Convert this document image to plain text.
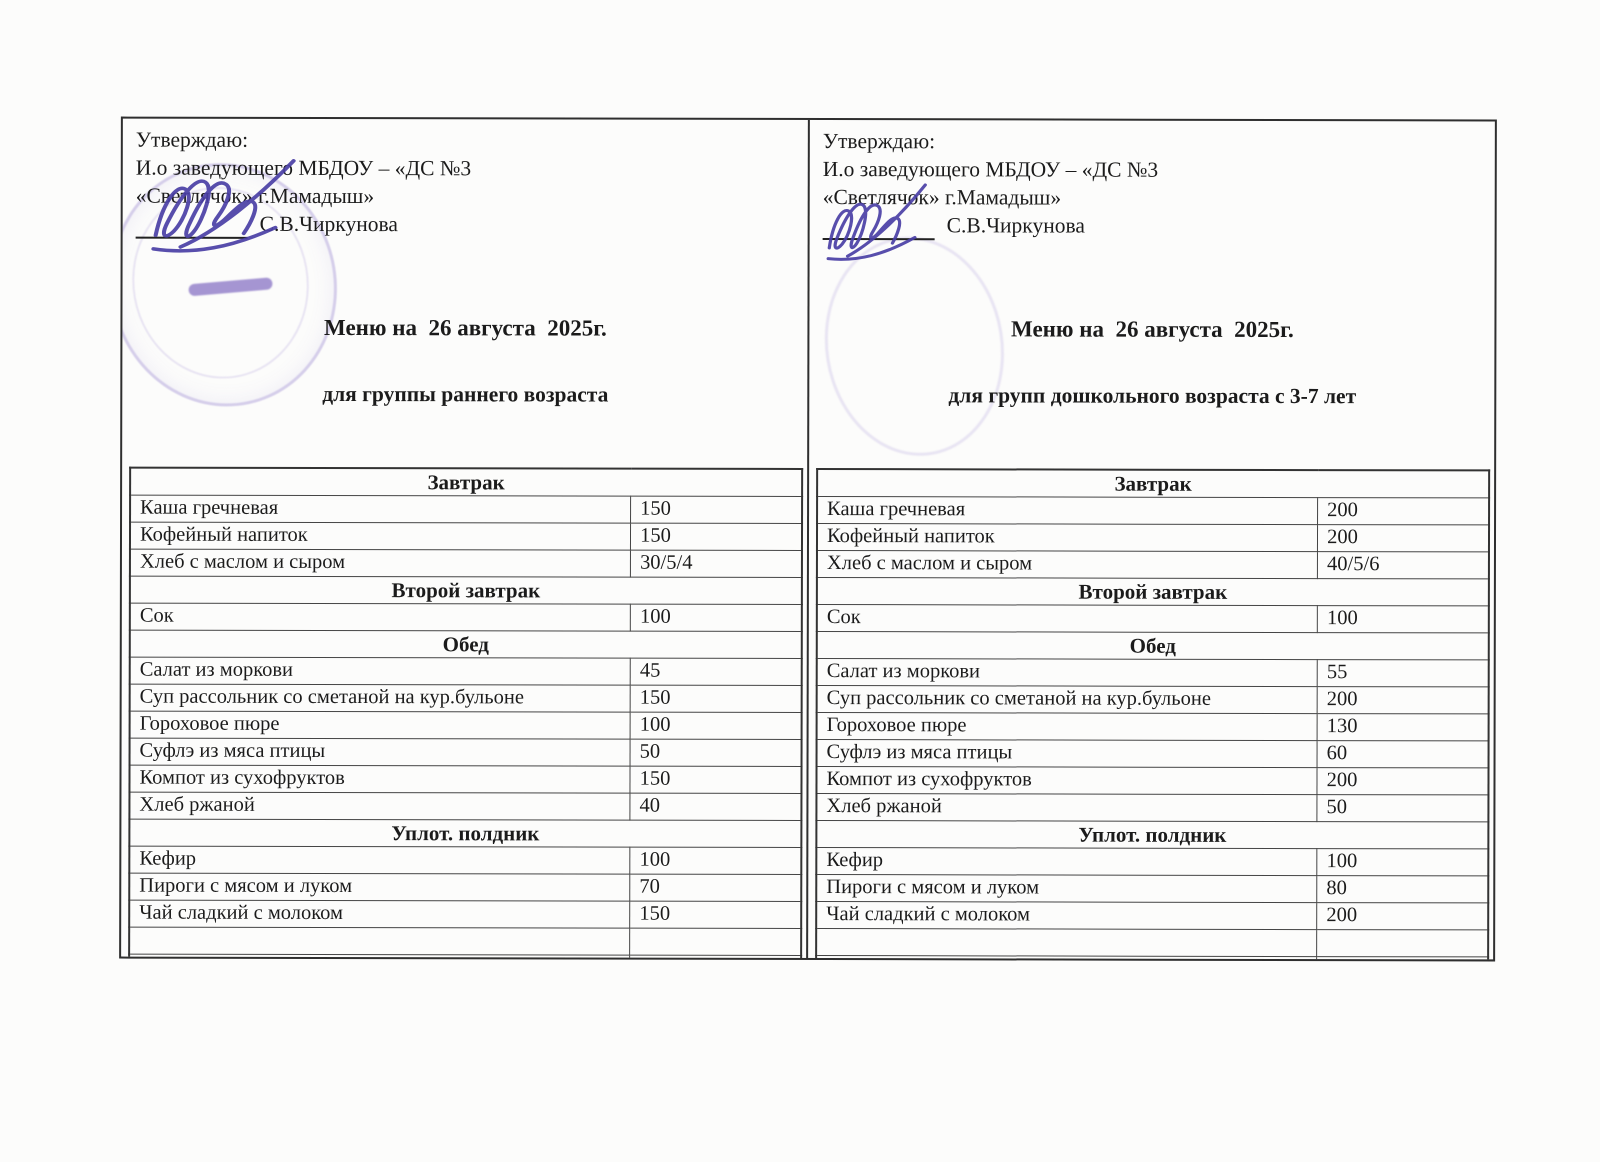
Утверждаю:
И.о заведующего МБДОУ – «ДС №3
«Светлячок» г.Мамадыш»
С.В.Чиркунова

Меню на  26 августа  2025г.

для группы раннего возраста

Завтрак	
Каша гречневая	150
Кофейный напиток	150
Хлеб с маслом и сыром	30/5/4
Второй завтрак	
Сок	100
Обед	
Салат из моркови	45
Суп рассольник со сметаной на кур.бульоне	150
Гороховое пюре	100
Суфлэ из мяса птицы	50
Компот из сухофруктов	150
Хлеб ржаной	40
Уплот. полдник	
Кефир	100
Пироги с мясом и луком	70
Чай сладкий с молоком	150

Утверждаю:
И.о заведующего МБДОУ – «ДС №3
«Светлячок» г.Мамадыш»
С.В.Чиркунова

Меню на  26 августа  2025г.

для групп дошкольного возраста с 3-7 лет

Завтрак	
Каша гречневая	200
Кофейный напиток	200
Хлеб с маслом и сыром	40/5/6
Второй завтрак	
Сок	100
Обед	
Салат из моркови	55
Суп рассольник со сметаной на кур.бульоне	200
Гороховое пюре	130
Суфлэ из мяса птицы	60
Компот из сухофруктов	200
Хлеб ржаной	50
Уплот. полдник	
Кефир	100
Пироги с мясом и луком	80
Чай сладкий с молоком	200
